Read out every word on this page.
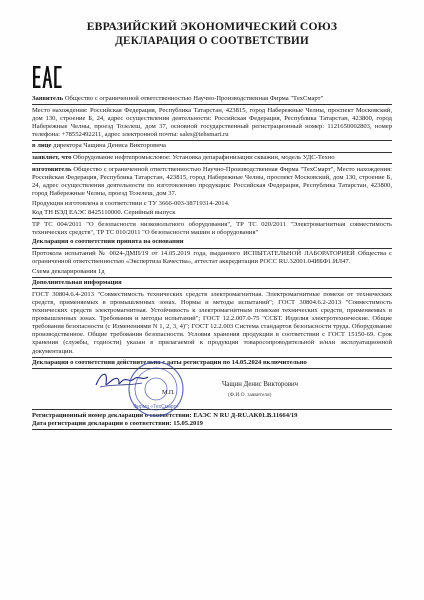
ЕВРАЗИЙСКИЙ ЭКОНОМИЧЕСКИЙ СОЮЗ
ДЕКЛАРАЦИЯ О СООТВЕТСТВИИ
Заявитель Общество с ограниченной ответственностью Научно-Производственная Фирма "ТехСмарт"
Место нахождения: Российская Федерация, Республика Татарстан, 423815, город Набережные Челны, проспект Московский, дом 130, строение Б, 24, адрес осуществления деятельности: Российская Федерация, Республика Татарстан, 423800, город Набережные Челны, проезд Тозелеш, дом 37, основной государственный регистрационный номер: 1121650002803, номер телефона: +78552492211, адрес электронной почты: sales@tehsmart.ru
в лице директора Чащина Дениса Викторовича
заявляет, что Оборудование нефтепромысловое: Установка депарафинизации скважин, модель УДС-Техно
изготовитель Общество с ограниченной ответственностью Научно-Производственная Фирма "ТехСмарт", Место нахождения: Российская Федерация, Республика Татарстан, 423815, город Набережные Челны, проспект Московский, дом 130, строение Б, 24, адрес осуществления деятельности по изготовлению продукции: Российская Федерация, Республика Татарстан, 423800, город Набережные Челны, проезд Тозелеш, дом 37.
Продукция изготовлена в соответствии с ТУ 3666-003-38719314-2014.
Код ТН ВЭД ЕАЭС 8425110000. Серийный выпуск
ТР ТС 004/2011 "О безопасности низковольтного оборудования", ТР ТС 020/2011 "Электромагнитная совместимость технических средств", ТР ТС 010/2011 "О безопасности машин и оборудования"
Декларация о соответствии принята на основании
Протокола испытаний № 0024-ДМП/19 от 14.05.2019 года, выданного ИСПЫТАТЕЛЬНОЙ ЛАБОРАТОРИЕЙ Общества с ограниченной ответственностью «Экспертиза Качества», аттестат аккредитации РОСС RU.32001.04ИБФ1.ИЛ47.
Схема декларирования 1д
Дополнительная информация
ГОСТ 30804.6.4-2013 "Совместимость технических средств электромагнитная. Электромагнитные помехи от технических средств, применяемых в промышленных зонах. Нормы и методы испытаний"; ГОСТ 30804.6.2-2013 "Совместимость технических средств электромагнитная. Устойчивость к электромагнитным помехам технических средств, применяемых в промышленных зонах. Требования и методы испытаний"; ГОСТ 12.2.007.0-75 "ССБТ. Изделия электротехнические. Общие требования безопасности (с Изменениями N 1, 2, 3, 4)"; ГОСТ 12.2.003 Система стандартов безопасности труда. Оборудование производственное. Общие требования безопасности. Условия хранения продукции в соответствии с ГОСТ 15150-69. Срок хранения (службы, годности) указан в прилагаемой к продукции товаросопроводительной и/или эксплуатационной документации.
Декларация о соответствии действительна с даты регистрации по 14.05.2024 включительно
Фирма «ТехСмарт»
М.П.
Чащин Денис Викторович
(Ф.И.О. заявителя)
Регистрационный номер декларации о соответствии: ЕАЭС N RU Д-RU.AK01.B.11664/19
Дата регистрации декларации о соответствии: 15.05.2019
